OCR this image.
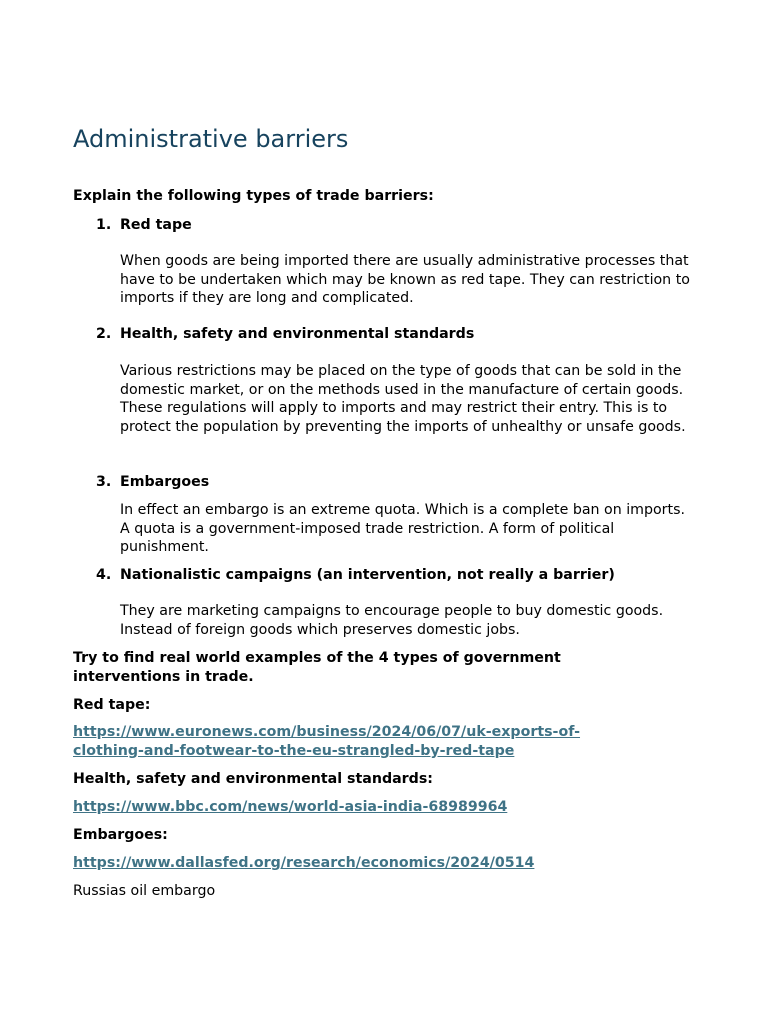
Administrative barriers

Explain the following types of trade barriers:

1. Red tape

When goods are being imported there are usually administrative processes that have to be undertaken which may be known as red tape. They can restriction to imports if they are long and complicated.

2. Health, safety and environmental standards

Various restrictions may be placed on the type of goods that can be sold in the domestic market, or on the methods used in the manufacture of certain goods. These regulations will apply to imports and may restrict their entry. This is to protect the population by preventing the imports of unhealthy or unsafe goods.

3. Embargoes

In effect an embargo is an extreme quota. Which is a complete ban on imports. A quota is a government-imposed trade restriction. A form of political punishment.

4. Nationalistic campaigns (an intervention, not really a barrier)

They are marketing campaigns to encourage people to buy domestic goods. Instead of foreign goods which preserves domestic jobs.

Try to find real world examples of the 4 types of government interventions in trade.

Red tape:

https://www.euronews.com/business/2024/06/07/uk-exports-of-clothing-and-footwear-to-the-eu-strangled-by-red-tape

Health, safety and environmental standards:

https://www.bbc.com/news/world-asia-india-68989964

Embargoes:

https://www.dallasfed.org/research/economics/2024/0514

Russias oil embargo
